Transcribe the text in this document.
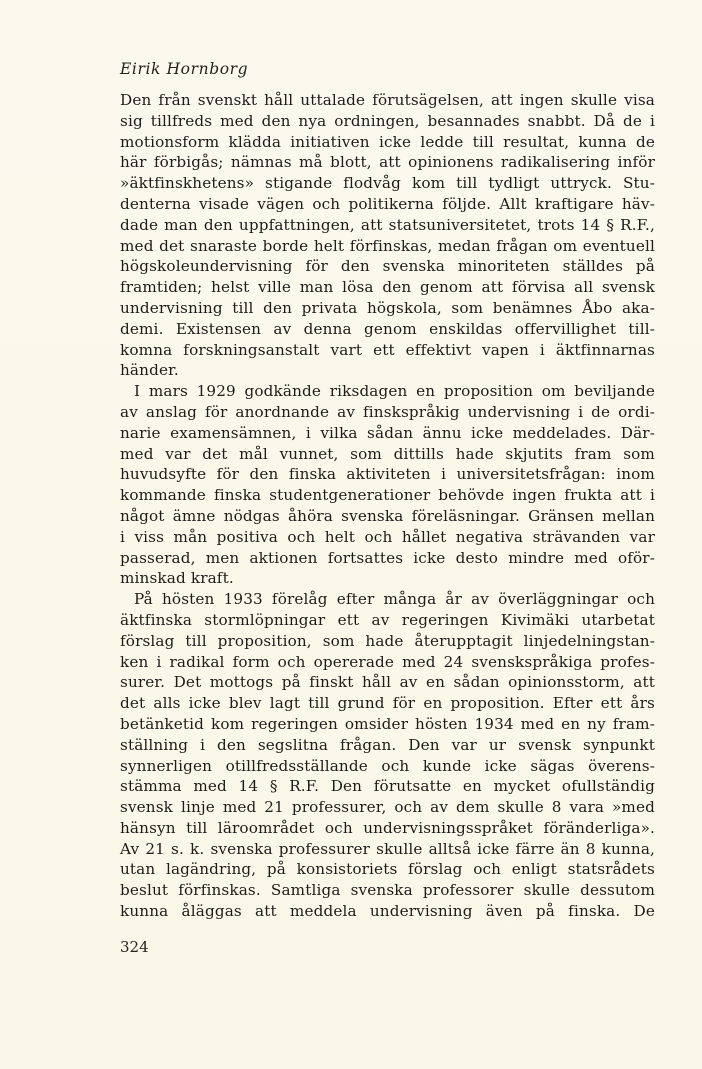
Eirik Hornborg
Den från svenskt håll uttalade förutsägelsen, att ingen skulle visa
sig tillfreds med den nya ordningen, besannades snabbt. Då de i
motionsform klädda initiativen icke ledde till resultat, kunna de
här förbigås; nämnas må blott, att opinionens radikalisering inför
»äktfinskhetens» stigande flodvåg kom till tydligt uttryck. Stu-
denterna visade vägen och politikerna följde. Allt kraftigare häv-
dade man den uppfattningen, att statsuniversitetet, trots 14 § R.F.,
med det snaraste borde helt förfinskas, medan frågan om eventuell
högskoleundervisning för den svenska minoriteten ställdes på
framtiden; helst ville man lösa den genom att förvisa all svensk
undervisning till den privata högskola, som benämnes Åbo aka-
demi. Existensen av denna genom enskildas offervillighet till-
komna forskningsanstalt vart ett effektivt vapen i äktfinnarnas
händer.
I mars 1929 godkände riksdagen en proposition om beviljande
av anslag för anordnande av finskspråkig undervisning i de ordi-
narie examensämnen, i vilka sådan ännu icke meddelades. Där-
med var det mål vunnet, som dittills hade skjutits fram som
huvudsyfte för den finska aktiviteten i universitetsfrågan: inom
kommande finska studentgenerationer behövde ingen frukta att i
något ämne nödgas åhöra svenska föreläsningar. Gränsen mellan
i viss mån positiva och helt och hållet negativa strävanden var
passerad, men aktionen fortsattes icke desto mindre med oför-
minskad kraft.
På hösten 1933 förelåg efter många år av överläggningar och
äktfinska stormlöpningar ett av regeringen Kivimäki utarbetat
förslag till proposition, som hade återupptagit linjedelningstan-
ken i radikal form och opererade med 24 svenskspråkiga profes-
surer. Det mottogs på finskt håll av en sådan opinionsstorm, att
det alls icke blev lagt till grund för en proposition. Efter ett års
betänketid kom regeringen omsider hösten 1934 med en ny fram-
ställning i den segslitna frågan. Den var ur svensk synpunkt
synnerligen otillfredsställande och kunde icke sägas överens-
stämma med 14 § R.F. Den förutsatte en mycket ofullständig
svensk linje med 21 professurer, och av dem skulle 8 vara »med
hänsyn till läroområdet och undervisningsspråket föränderliga».
Av 21 s. k. svenska professurer skulle alltså icke färre än 8 kunna,
utan lagändring, på konsistoriets förslag och enligt statsrådets
beslut förfinskas. Samtliga svenska professorer skulle dessutom
kunna åläggas att meddela undervisning även på finska. De
324
